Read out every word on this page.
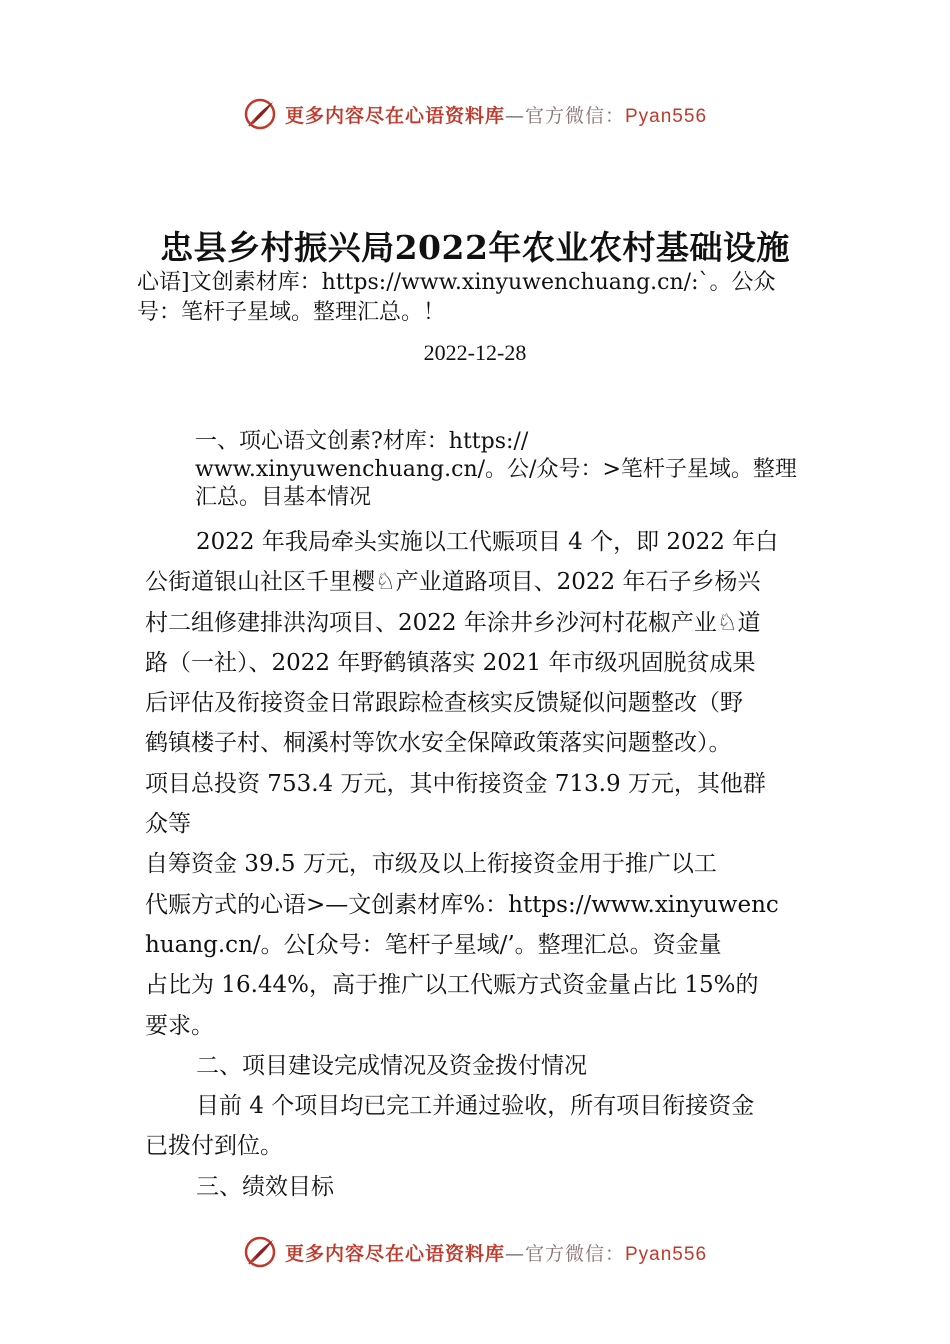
更多内容尽在心语资料库—官方微信：Pyan556
忠县乡村振兴局2022年农业农村基础设施
心语]文创素材库：https://www.xinyuwenchuang.cn/:`。公众
号：笔杆子星域。整理汇总。！
2022-12-28
一、项心语文创素?材库：https://
www.xinyuwenchuang.cn/。公/众号：>笔杆子星域。整理
汇总。目基本情况
2022 年我局牵头实施以工代赈项目 4 个，即 2022 年白
公街道银山社区千里樱♘产业道路项目、2022 年石子乡杨兴
村二组修建排洪沟项目、2022 年涂井乡沙河村花椒产业♘道
路（一社）、2022 年野鹤镇落实 2021 年市级巩固脱贫成果
后评估及衔接资金日常跟踪检查核实反馈疑似问题整改（野
鹤镇楼子村、桐溪村等饮水安全保障政策落实问题整改）。
项目总投资 753.4 万元，其中衔接资金 713.9 万元，其他群
众等
自筹资金 39.5 万元，市级及以上衔接资金用于推广以工
代赈方式的心语>—文创素材库%：https://www.xinyuwenc
huang.cn/。公[众号：笔杆子星域/’。整理汇总。资金量
占比为 16.44%，高于推广以工代赈方式资金量占比 15%的
要求。
二、项目建设完成情况及资金拨付情况
目前 4 个项目均已完工并通过验收，所有项目衔接资金
已拨付到位。
三、绩效目标
更多内容尽在心语资料库—官方微信：Pyan556
